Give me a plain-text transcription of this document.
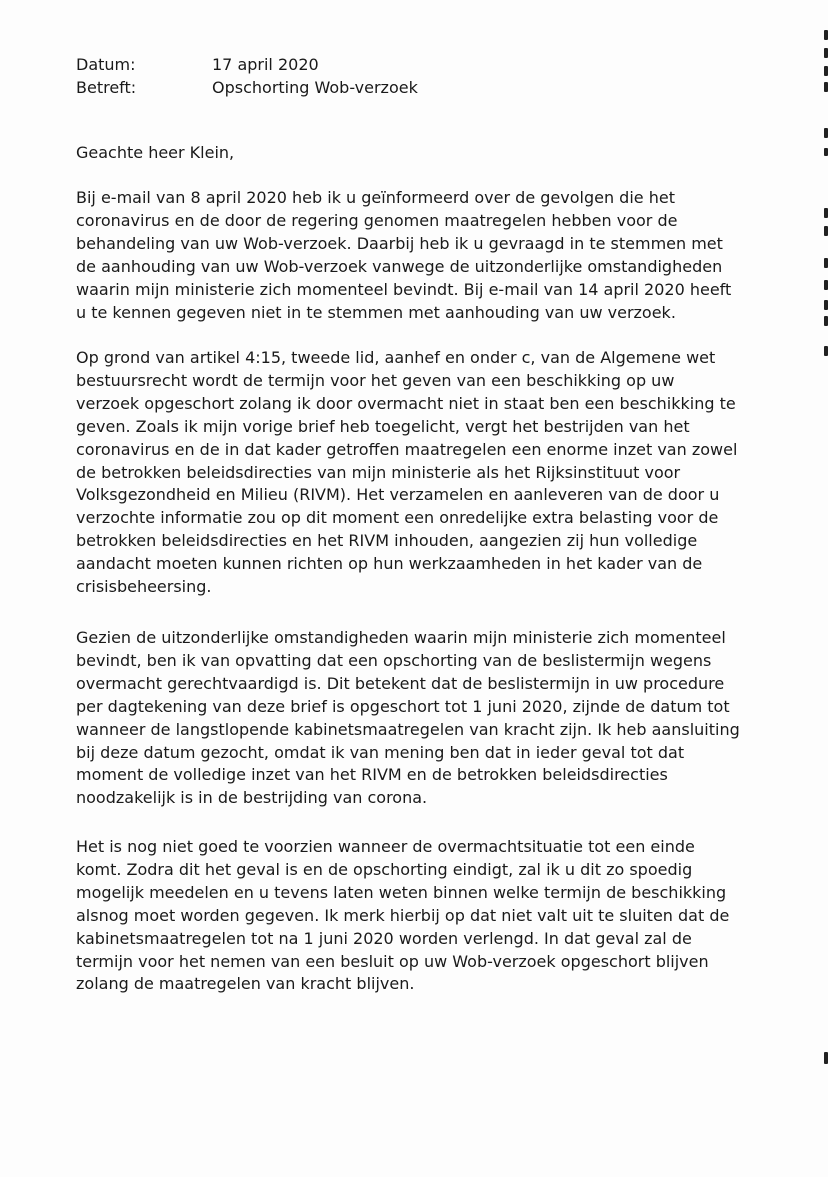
Datum:	17 april 2020
Betreft:	Opschorting Wob-verzoek
Geachte heer Klein,
Bij e-mail van 8 april 2020 heb ik u geïnformeerd over de gevolgen die het
coronavirus en de door de regering genomen maatregelen hebben voor de
behandeling van uw Wob-verzoek. Daarbij heb ik u gevraagd in te stemmen met
de aanhouding van uw Wob-verzoek vanwege de uitzonderlijke omstandigheden
waarin mijn ministerie zich momenteel bevindt. Bij e-mail van 14 april 2020 heeft
u te kennen gegeven niet in te stemmen met aanhouding van uw verzoek.
Op grond van artikel 4:15, tweede lid, aanhef en onder c, van de Algemene wet
bestuursrecht wordt de termijn voor het geven van een beschikking op uw
verzoek opgeschort zolang ik door overmacht niet in staat ben een beschikking te
geven. Zoals ik mijn vorige brief heb toegelicht, vergt het bestrijden van het
coronavirus en de in dat kader getroffen maatregelen een enorme inzet van zowel
de betrokken beleidsdirecties van mijn ministerie als het Rijksinstituut voor
Volksgezondheid en Milieu (RIVM). Het verzamelen en aanleveren van de door u
verzochte informatie zou op dit moment een onredelijke extra belasting voor de
betrokken beleidsdirecties en het RIVM inhouden, aangezien zij hun volledige
aandacht moeten kunnen richten op hun werkzaamheden in het kader van de
crisisbeheersing.
Gezien de uitzonderlijke omstandigheden waarin mijn ministerie zich momenteel
bevindt, ben ik van opvatting dat een opschorting van de beslistermijn wegens
overmacht gerechtvaardigd is. Dit betekent dat de beslistermijn in uw procedure
per dagtekening van deze brief is opgeschort tot 1 juni 2020, zijnde de datum tot
wanneer de langstlopende kabinetsmaatregelen van kracht zijn. Ik heb aansluiting
bij deze datum gezocht, omdat ik van mening ben dat in ieder geval tot dat
moment de volledige inzet van het RIVM en de betrokken beleidsdirecties
noodzakelijk is in de bestrijding van corona.
Het is nog niet goed te voorzien wanneer de overmachtsituatie tot een einde
komt. Zodra dit het geval is en de opschorting eindigt, zal ik u dit zo spoedig
mogelijk meedelen en u tevens laten weten binnen welke termijn de beschikking
alsnog moet worden gegeven. Ik merk hierbij op dat niet valt uit te sluiten dat de
kabinetsmaatregelen tot na 1 juni 2020 worden verlengd. In dat geval zal de
termijn voor het nemen van een besluit op uw Wob-verzoek opgeschort blijven
zolang de maatregelen van kracht blijven.
